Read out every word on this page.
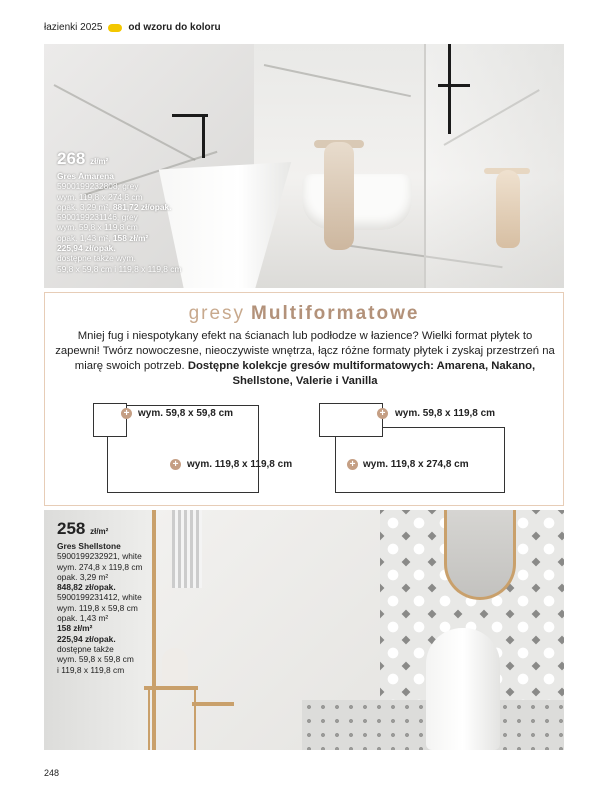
łazienki 2025	od wzoru do koloru
268 zł/m²
Gres Amarena
5900199232808, grey
wym. 119,8 x 274,8 cm
opak. 3,29 m², 881,72 zł/opak.
5900199231146, grey
wym. 59,8 x 119,8 cm
opak. 1,43 m², 158 zł/m²
225,94 zł/opak.
dostępne także wym.
59,8 x 59,8 cm i 119,8 x 119,8 cm
gresy Multiformatowe
Mniej fug i niespotykany efekt na ścianach lub podłodze w łazience? Wielki format płytek to zapewni! Twórz nowoczesne, nieoczywiste wnętrza, łącz różne formaty płytek i zyskaj przestrzeń na miarę swoich potrzeb. Dostępne kolekcje gresów multiformatowych: Amarena, Nakano, Shellstone, Valerie i Vanilla
+ wym. 59,8 x 59,8 cm
+ wym. 119,8 x 119,8 cm
+ wym. 59,8 x 119,8 cm
+ wym. 119,8 x 274,8 cm
258 zł/m²
Gres Shellstone
5900199232921, white
wym. 274,8 x 119,8 cm
opak. 3,29 m²
848,82 zł/opak.
5900199231412, white
wym. 119,8 x 59,8 cm
opak. 1,43 m²
158 zł/m²
225,94 zł/opak.
dostępne także
wym. 59,8 x 59,8 cm
i 119,8 x 119,8 cm
248
